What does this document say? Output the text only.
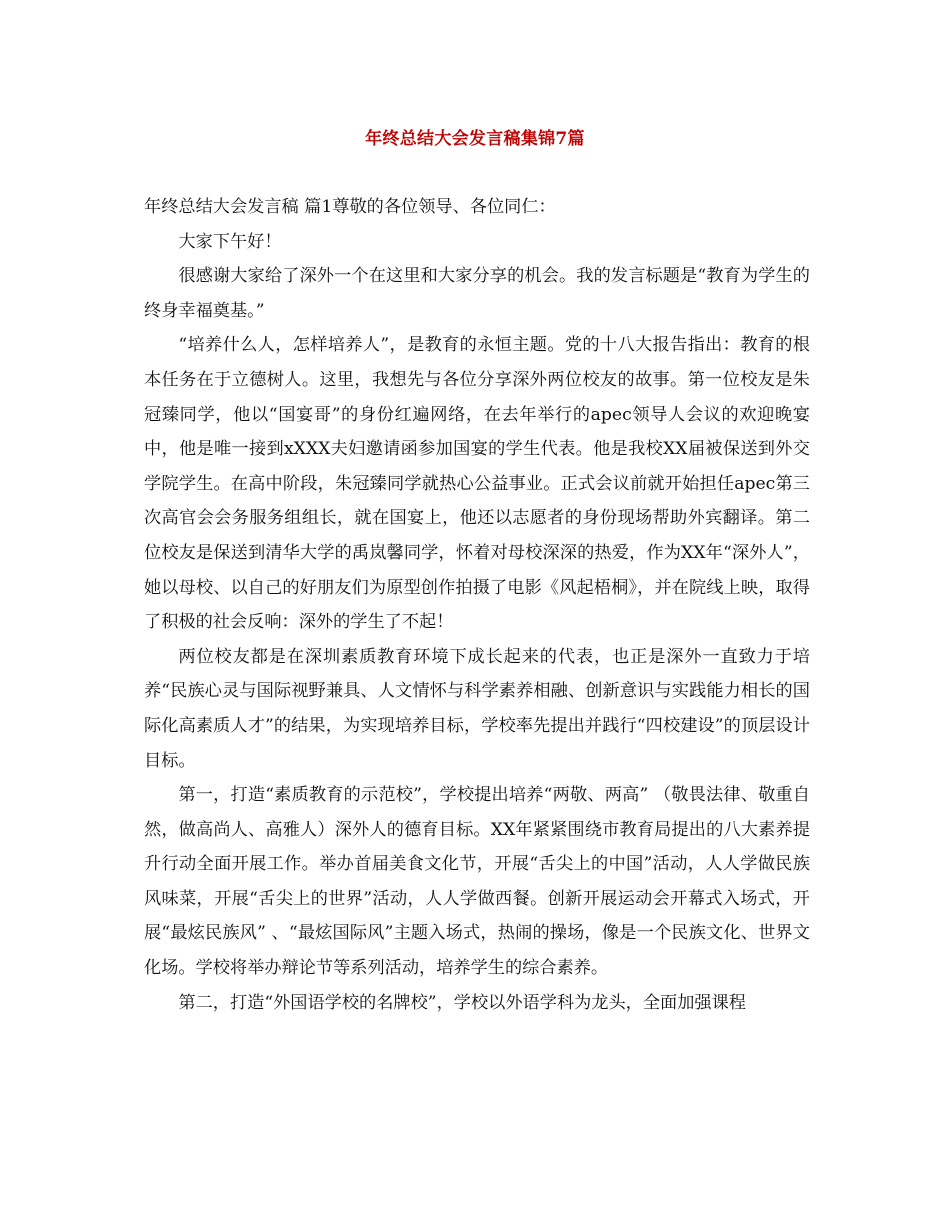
年终总结大会发言稿集锦7篇

年终总结大会发言稿 篇1尊敬的各位领导、各位同仁：

大家下午好！

很感谢大家给了深外一个在这里和大家分享的机会。我的发言标题是“教育为学生的终身幸福奠基。”

“培养什么人，怎样培养人”，是教育的永恒主题。党的十八大报告指出：教育的根本任务在于立德树人。这里，我想先与各位分享深外两位校友的故事。第一位校友是朱冠臻同学，他以“国宴哥”的身份红遍网络，在去年举行的apec领导人会议的欢迎晚宴中，他是唯一接到xXXX夫妇邀请函参加国宴的学生代表。他是我校XX届被保送到外交学院学生。在高中阶段，朱冠臻同学就热心公益事业。正式会议前就开始担任apec第三次高官会会务服务组组长，就在国宴上，他还以志愿者的身份现场帮助外宾翻译。第二位校友是保送到清华大学的禹岚馨同学，怀着对母校深深的热爱，作为XX年“深外人”，她以母校、以自己的好朋友们为原型创作拍摄了电影《风起梧桐》，并在院线上映，取得了积极的社会反响：深外的学生了不起！

两位校友都是在深圳素质教育环境下成长起来的代表，也正是深外一直致力于培养“民族心灵与国际视野兼具、人文情怀与科学素养相融、创新意识与实践能力相长的国际化高素质人才”的结果，为实现培养目标，学校率先提出并践行“四校建设”的顶层设计目标。

第一，打造“素质教育的示范校”，学校提出培养“两敬、两高” （敬畏法律、敬重自然，做高尚人、高雅人）深外人的德育目标。XX年紧紧围绕市教育局提出的八大素养提升行动全面开展工作。举办首届美食文化节，开展“舌尖上的中国”活动，人人学做民族风味菜，开展“舌尖上的世界”活动，人人学做西餐。创新开展运动会开幕式入场式，开展“最炫民族风” 、“最炫国际风”主题入场式，热闹的操场，像是一个民族文化、世界文化场。学校将举办辩论节等系列活动，培养学生的综合素养。

第二，打造“外国语学校的名牌校”，学校以外语学科为龙头，全面加强课程
